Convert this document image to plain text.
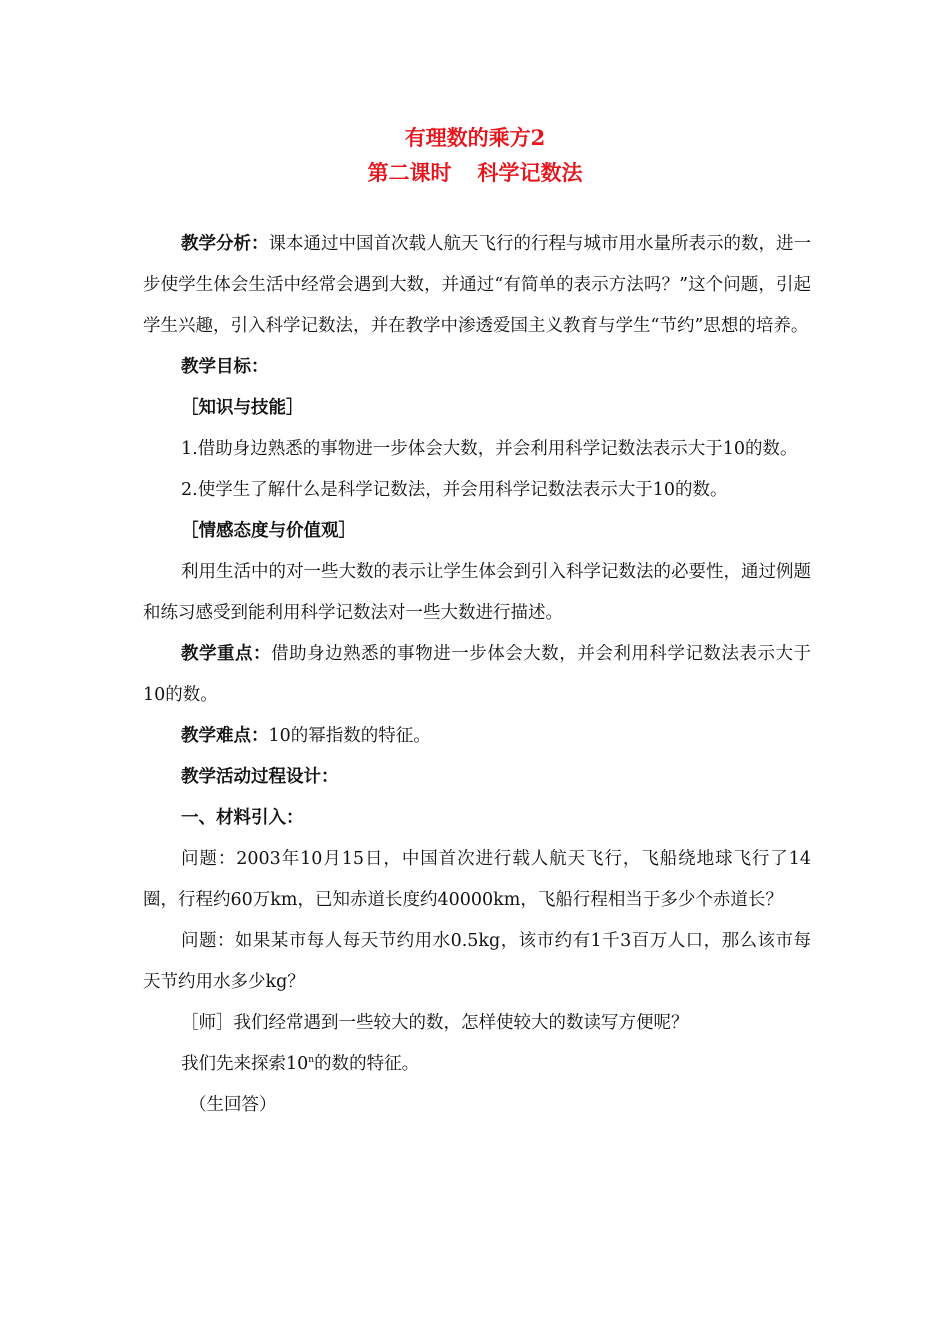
有理数的乘方2
第二课时 科学记数法

教学分析：课本通过中国首次载人航天飞行的行程与城市用水量所表示的数，进一步使学生体会生活中经常会遇到大数，并通过“有简单的表示方法吗？”这个问题，引起学生兴趣，引入科学记数法，并在教学中渗透爱国主义教育与学生“节约”思想的培养。

教学目标：

［知识与技能］

1.借助身边熟悉的事物进一步体会大数，并会利用科学记数法表示大于10的数。

2.使学生了解什么是科学记数法，并会用科学记数法表示大于10的数。

［情感态度与价值观］

利用生活中的对一些大数的表示让学生体会到引入科学记数法的必要性，通过例题和练习感受到能利用科学记数法对一些大数进行描述。

教学重点：借助身边熟悉的事物进一步体会大数，并会利用科学记数法表示大于10的数。

教学难点：10的幂指数的特征。

教学活动过程设计：

一、材料引入：

问题：2003年10月15日，中国首次进行载人航天飞行，飞船绕地球飞行了14圈，行程约60万km，已知赤道长度约40000km，飞船行程相当于多少个赤道长？

问题：如果某市每人每天节约用水0.5kg，该市约有1千3百万人口，那么该市每天节约用水多少kg？

［师］我们经常遇到一些较大的数，怎样使较大的数读写方便呢？

我们先来探索10$^n$的数的特征。

（生回答）
